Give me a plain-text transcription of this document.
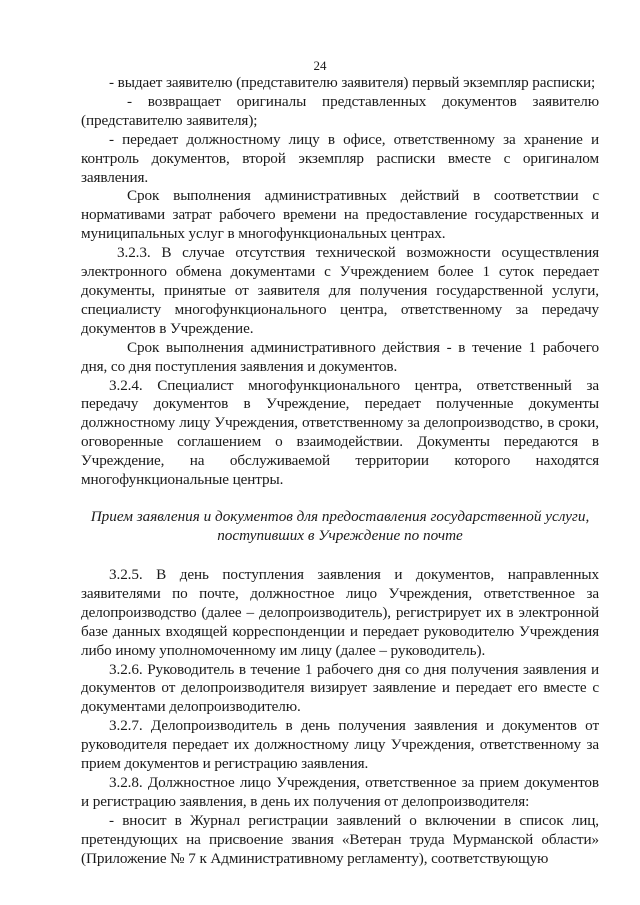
24

- выдает заявителю (представителю заявителя) первый экземпляр расписки;

- возвращает оригиналы представленных документов заявителю (представителю заявителя);

- передает должностному лицу в офисе, ответственному за хранение и контроль документов, второй экземпляр расписки вместе с оригиналом заявления.

Срок выполнения административных действий в соответствии с нормативами затрат рабочего времени на предоставление государственных и муниципальных услуг в многофункциональных центрах.

3.2.3. В случае отсутствия технической возможности осуществления электронного обмена документами с Учреждением более 1 суток передает документы, принятые от заявителя для получения государственной услуги, специалисту многофункционального центра, ответственному за передачу документов в Учреждение.

Срок выполнения административного действия - в течение 1 рабочего дня, со дня поступления заявления и документов.

3.2.4. Специалист многофункционального центра, ответственный за передачу документов в Учреждение, передает полученные документы должностному лицу Учреждения, ответственному за делопроизводство, в сроки, оговоренные соглашением о взаимодействии. Документы передаются в Учреждение, на обслуживаемой территории которого находятся многофункциональные центры.

Прием заявления и документов для предоставления государственной услуги, поступивших в Учреждение по почте

3.2.5. В день поступления заявления и документов, направленных заявителями по почте, должностное лицо Учреждения, ответственное за делопроизводство (далее – делопроизводитель), регистрирует их в электронной базе данных входящей корреспонденции и передает руководителю Учреждения либо иному уполномоченному им лицу (далее – руководитель).

3.2.6. Руководитель в течение 1 рабочего дня со дня получения заявления и документов от делопроизводителя визирует заявление и передает его вместе с документами делопроизводителю.

3.2.7. Делопроизводитель в день получения заявления и документов от руководителя передает их должностному лицу Учреждения, ответственному за прием документов и регистрацию заявления.

3.2.8. Должностное лицо Учреждения, ответственное за прием документов и регистрацию заявления, в день их получения от делопроизводителя:

- вносит в Журнал регистрации заявлений о включении в список лиц, претендующих на присвоение звания «Ветеран труда Мурманской области» (Приложение № 7 к Административному регламенту), соответствующую
